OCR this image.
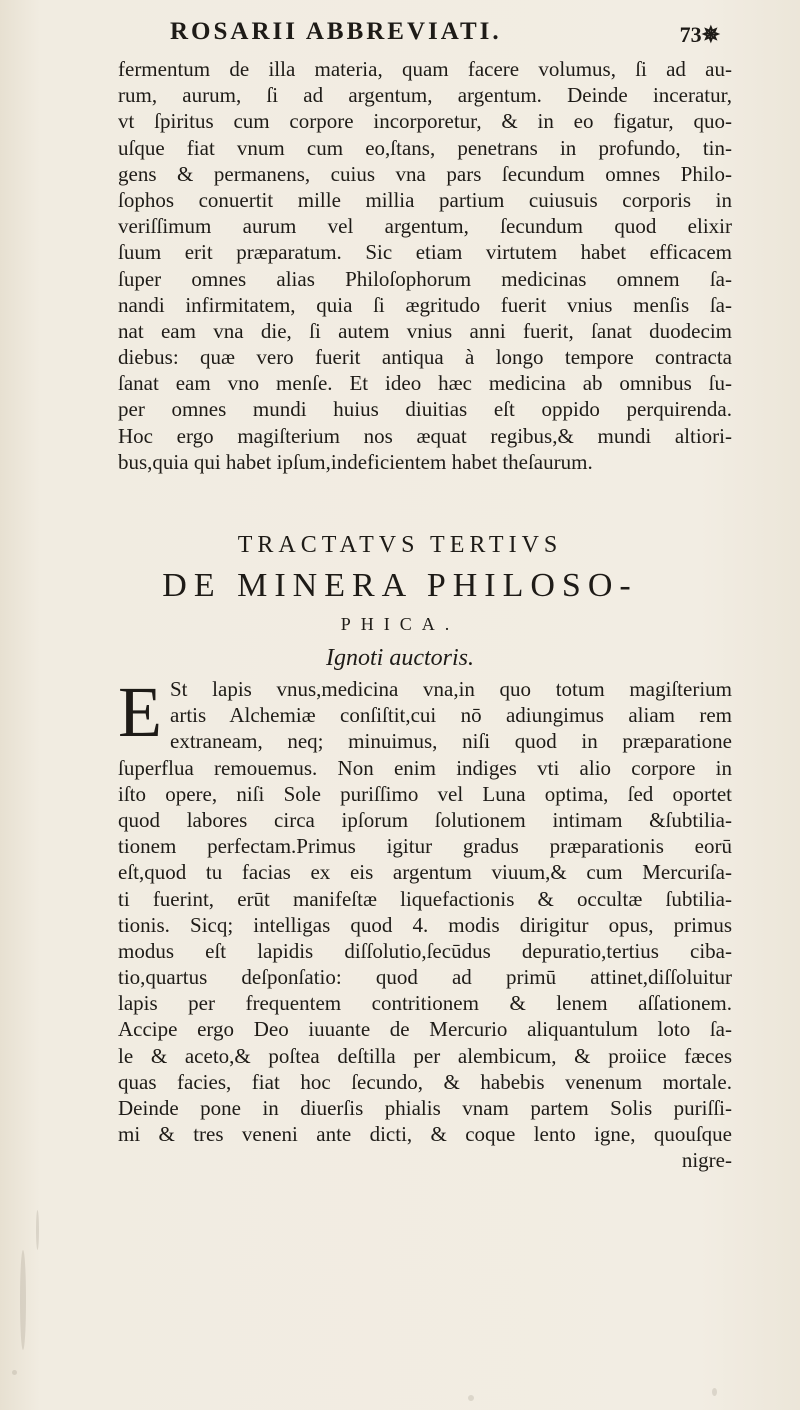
ROSARII ABBREVIATI.	73✵
fermentum de illa materia, quam facere volumus, ſi ad au-
rum, aurum, ſi ad argentum, argentum. Deinde inceratur,
vt ſpiritus cum corpore incorporetur, & in eo figatur, quo-
uſque fiat vnum cum eo,ſtans, penetrans in profundo, tin-
gens & permanens, cuius vna pars ſecundum omnes Philo-
ſophos conuertit mille millia partium cuiusuis corporis in
veriſſimum aurum vel argentum, ſecundum quod elixir
ſuum erit præparatum. Sic etiam virtutem habet efficacem
ſuper omnes alias Philoſophorum medicinas omnem ſa-
nandi infirmitatem, quia ſi ægritudo fuerit vnius menſis ſa-
nat eam vna die, ſi autem vnius anni fuerit, ſanat duodecim
diebus: quæ vero fuerit antiqua à longo tempore contracta
ſanat eam vno menſe. Et ideo hæc medicina ab omnibus ſu-
per omnes mundi huius diuitias eſt oppido perquirenda.
Hoc ergo magiſterium nos æquat regibus,& mundi altiori-
bus,quia qui habet ipſum,indeficientem habet theſaurum.
TRACTATVS TERTIVS
DE MINERA PHILOSO-
PHICA.
Ignoti auctoris.
E St lapis vnus,medicina vna,in quo totum magiſterium
artis Alchemiæ conſiſtit,cui nō adiungimus aliam rem
extraneam, neq; minuimus, niſi quod in præparatione
ſuperflua remouemus. Non enim indiges vti alio corpore in
iſto opere, niſi Sole puriſſimo vel Luna optima, ſed oportet
quod labores circa ipſorum ſolutionem intimam &ſubtilia-
tionem perfectam.Primus igitur gradus præparationis eorū
eſt,quod tu facias ex eis argentum viuum,& cum Mercuriſa-
ti fuerint, erūt manifeſtæ liquefactionis & occultæ ſubtilia-
tionis. Sicq; intelligas quod 4. modis dirigitur opus, primus
modus eſt lapidis diſſolutio,ſecūdus depuratio,tertius ciba-
tio,quartus deſponſatio: quod ad primū attinet,diſſoluitur
lapis per frequentem contritionem & lenem aſſationem.
Accipe ergo Deo iuuante de Mercurio aliquantulum loto ſa-
le & aceto,& poſtea deſtilla per alembicum, & proiice fæces
quas facies, fiat hoc ſecundo, & habebis venenum mortale.
Deinde pone in diuerſis phialis vnam partem Solis puriſſi-
mi & tres veneni ante dicti, & coque lento igne, quouſque
nigre-
